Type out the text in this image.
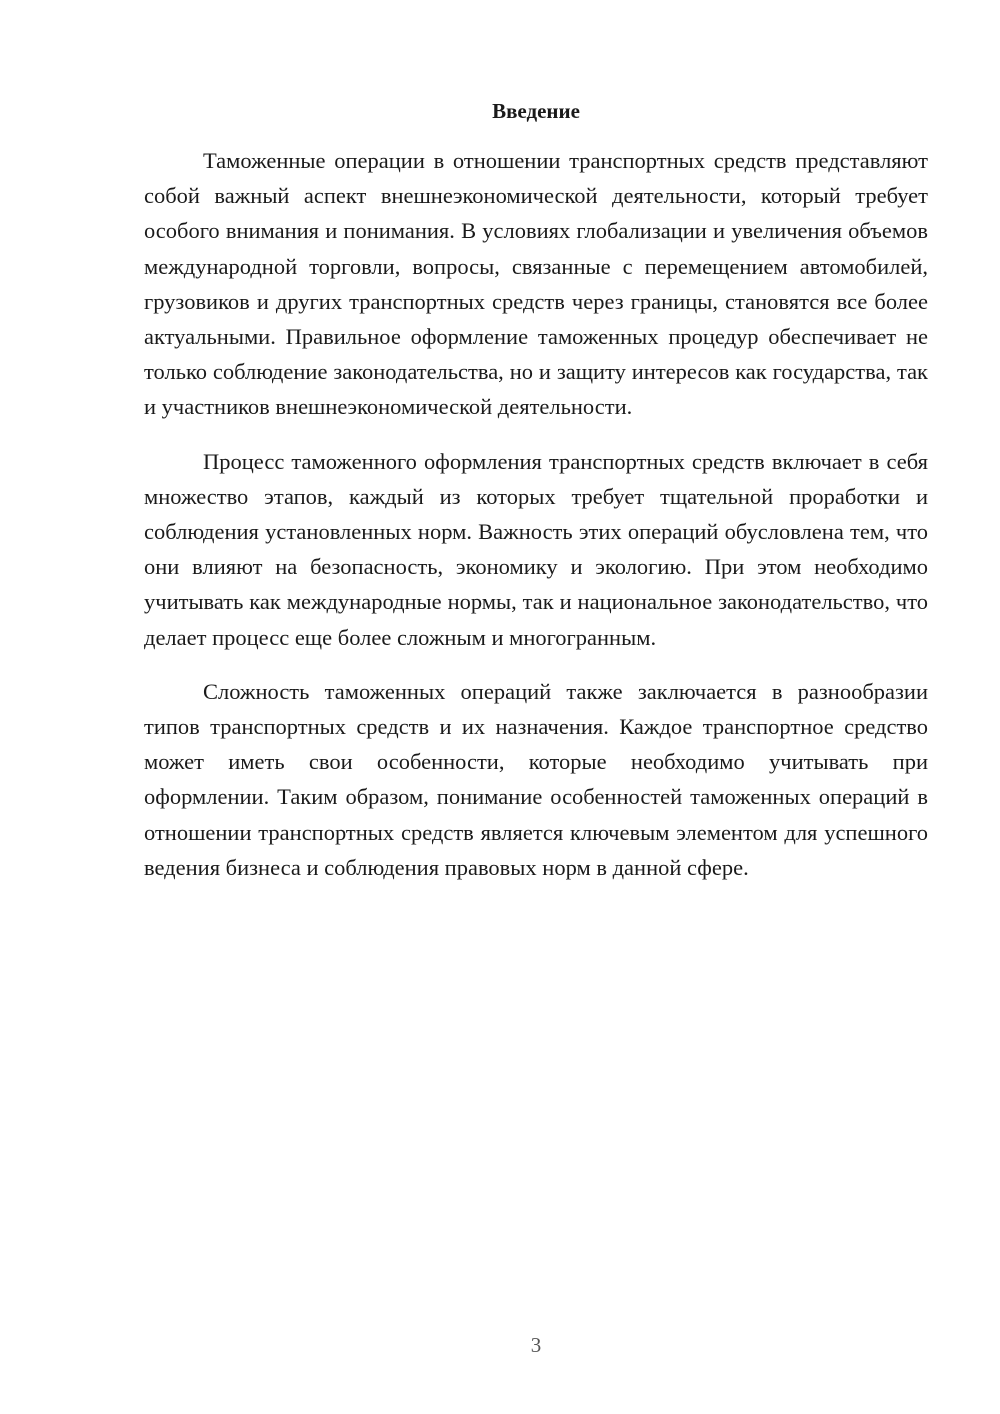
Введение

Таможенные операции в отношении транспортных средств представляют собой важный аспект внешнеэкономической деятельности, который требует особого внимания и понимания. В условиях глобализации и увеличения объемов международной торговли, вопросы, связанные с перемещением автомобилей, грузовиков и других транспортных средств через границы, становятся все более актуальными. Правильное оформление таможенных процедур обеспечивает не только соблюдение законодательства, но и защиту интересов как государства, так и участников внешнеэкономической деятельности.

Процесс таможенного оформления транспортных средств включает в себя множество этапов, каждый из которых требует тщательной проработки и соблюдения установленных норм. Важность этих операций обусловлена тем, что они влияют на безопасность, экономику и экологию. При этом необходимо учитывать как международные нормы, так и национальное законодательство, что делает процесс еще более сложным и многогранным.

Сложность таможенных операций также заключается в разнообразии типов транспортных средств и их назначения. Каждое транспортное средство может иметь свои особенности, которые необходимо учитывать при оформлении. Таким образом, понимание особенностей таможенных операций в отношении транспортных средств является ключевым элементом для успешного ведения бизнеса и соблюдения правовых норм в данной сфере.

3
